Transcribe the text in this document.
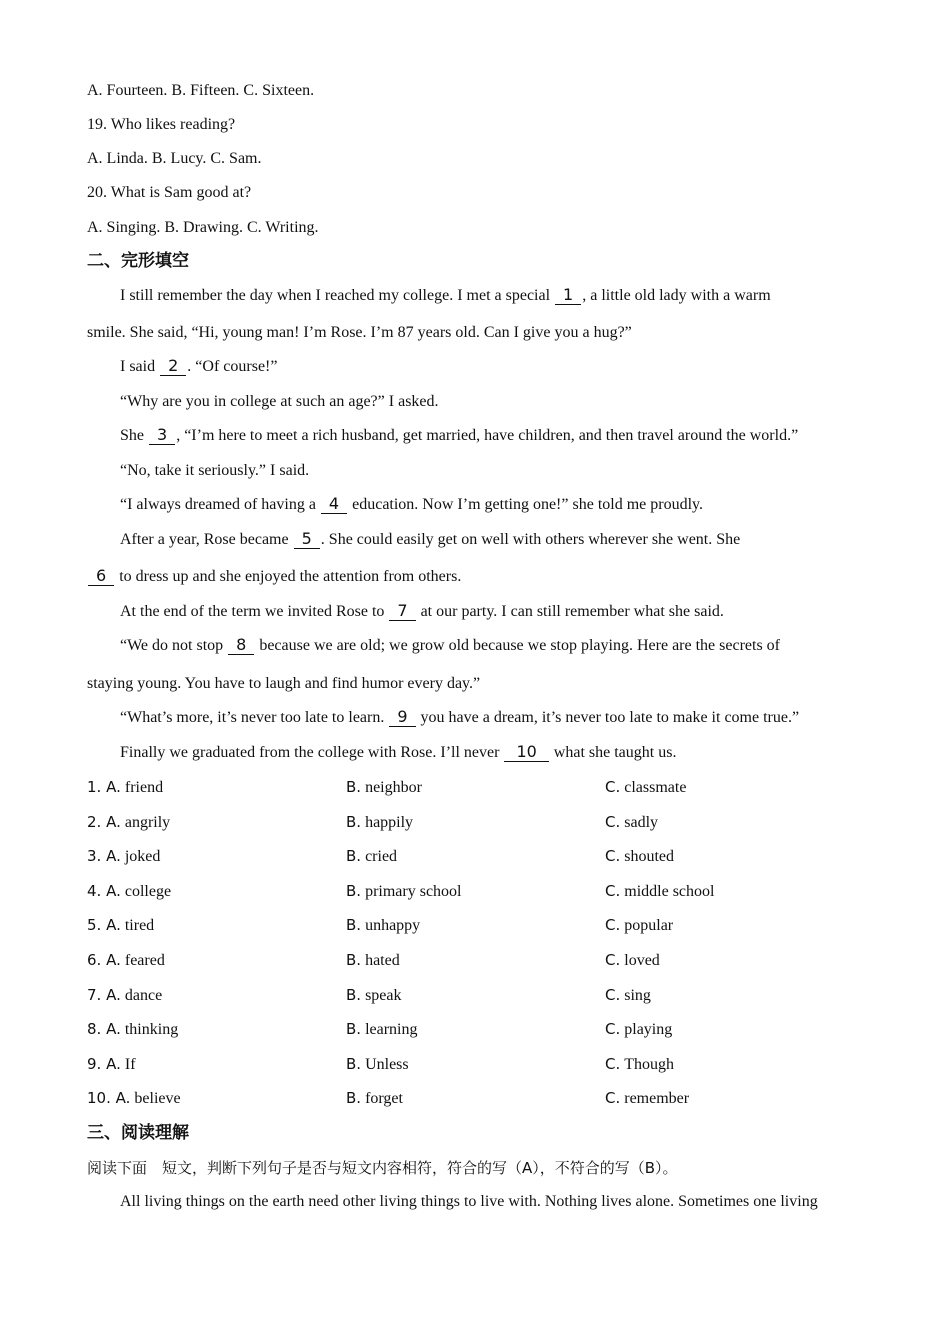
A. Fourteen. B. Fifteen. C. Sixteen.
19. Who likes reading?
A. Linda. B. Lucy. C. Sam.
20. What is Sam good at?
A. Singing. B. Drawing. C. Writing.
二、完形填空
I still remember the day when I reached my college. I met a special 1 , a little old lady with a warm
smile. She said, “Hi, young man! I’m Rose. I’m 87 years old. Can I give you a hug?”
I said 2 . “Of course!”
“Why are you in college at such an age?” I asked.
She 3 , “I’m here to meet a rich husband, get married, have children, and then travel around the world.”
“No, take it seriously.” I said.
“I always dreamed of having a 4 education. Now I’m getting one!” she told me proudly.
After a year, Rose became 5 . She could easily get on well with others wherever she went. She
6 to dress up and she enjoyed the attention from others.
At the end of the term we invited Rose to 7 at our party. I can still remember what she said.
“We do not stop 8 because we are old; we grow old because we stop playing. Here are the secrets of
staying young. You have to laugh and find humor every day.”
“What’s more, it’s never too late to learn. 9 you have a dream, it’s never too late to make it come true.”
Finally we graduated from the college with Rose. I’ll never 10 what she taught us.
1. A. friend	B. neighbor	C. classmate
2. A. angrily	B. happily	C. sadly
3. A. joked	B. cried	C. shouted
4. A. college	B. primary school	C. middle school
5. A. tired	B. unhappy	C. popular
6. A. feared	B. hated	C. loved
7. A. dance	B. speak	C. sing
8. A. thinking	B. learning	C. playing
9. A. If	B. Unless	C. Though
10. A. believe	B. forget	C. remember
三、阅读理解
阅读下面　短文，判断下列句子是否与短文内容相符，符合的写（A），不符合的写（B）。
All living things on the earth need other living things to live with. Nothing lives alone. Sometimes one living
